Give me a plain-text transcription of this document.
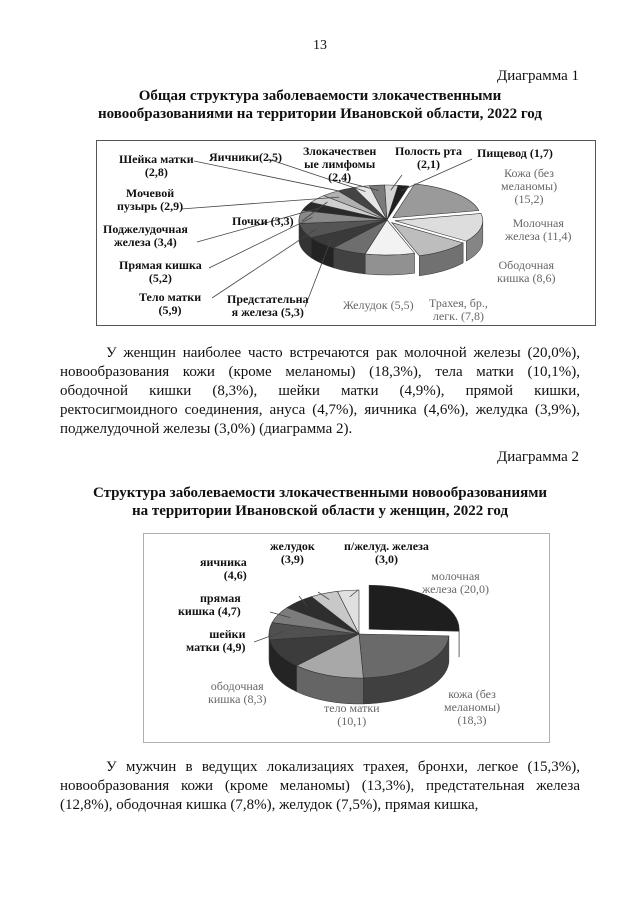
13
Диаграмма 1
Общая структура заболеваемости злокачественными
новообразованиями на территории Ивановской области, 2022 год
Кожа (без
меланомы)
(15,2)
Молочная
железа (11,4)
Ободочная
кишка (8,6)
Трахея, бр.,
легк. (7,8)
Желудок (5,5)
Предстательна
я железа (5,3)
Тело матки
(5,9)
Прямая кишка
(5,2)
Поджелудочная
железа (3,4)
Почки (3,3)
Мочевой
пузырь (2,9)
Шейка матки
(2,8)
Яичники(2,5) Злокачествен
ые лимфомы
(2,4)
Полость рта
(2,1)
Пищевод (1,7)
У женщин наиболее часто встречаются рак молочной железы (20,0%), новообразования кожи (кроме меланомы) (18,3%), тела матки (10,1%), ободочной кишки (8,3%), шейки матки (4,9%), прямой кишки, ректосигмоидного соединения, ануса (4,7%), яичника (4,6%), желудка (3,9%), поджелудочной железы (3,0%) (диаграмма 2).
Диаграмма 2
Структура заболеваемости злокачественными новообразованиями
на территории Ивановской области у женщин, 2022 год
молочная
железа (20,0)
кожа (без
меланомы)
(18,3)
тело матки
(10,1)
ободочная
кишка (8,3)
шейки
матки (4,9)
прямая
кишка (4,7)
яичника
(4,6)
желудок
(3,9)
п/желуд. железа
(3,0)
У мужчин в ведущих локализациях трахея, бронхи, легкое (15,3%), новообразования кожи (кроме меланомы) (13,3%), предстательная железа (12,8%), ободочная кишка (7,8%), желудок (7,5%), прямая кишка,
